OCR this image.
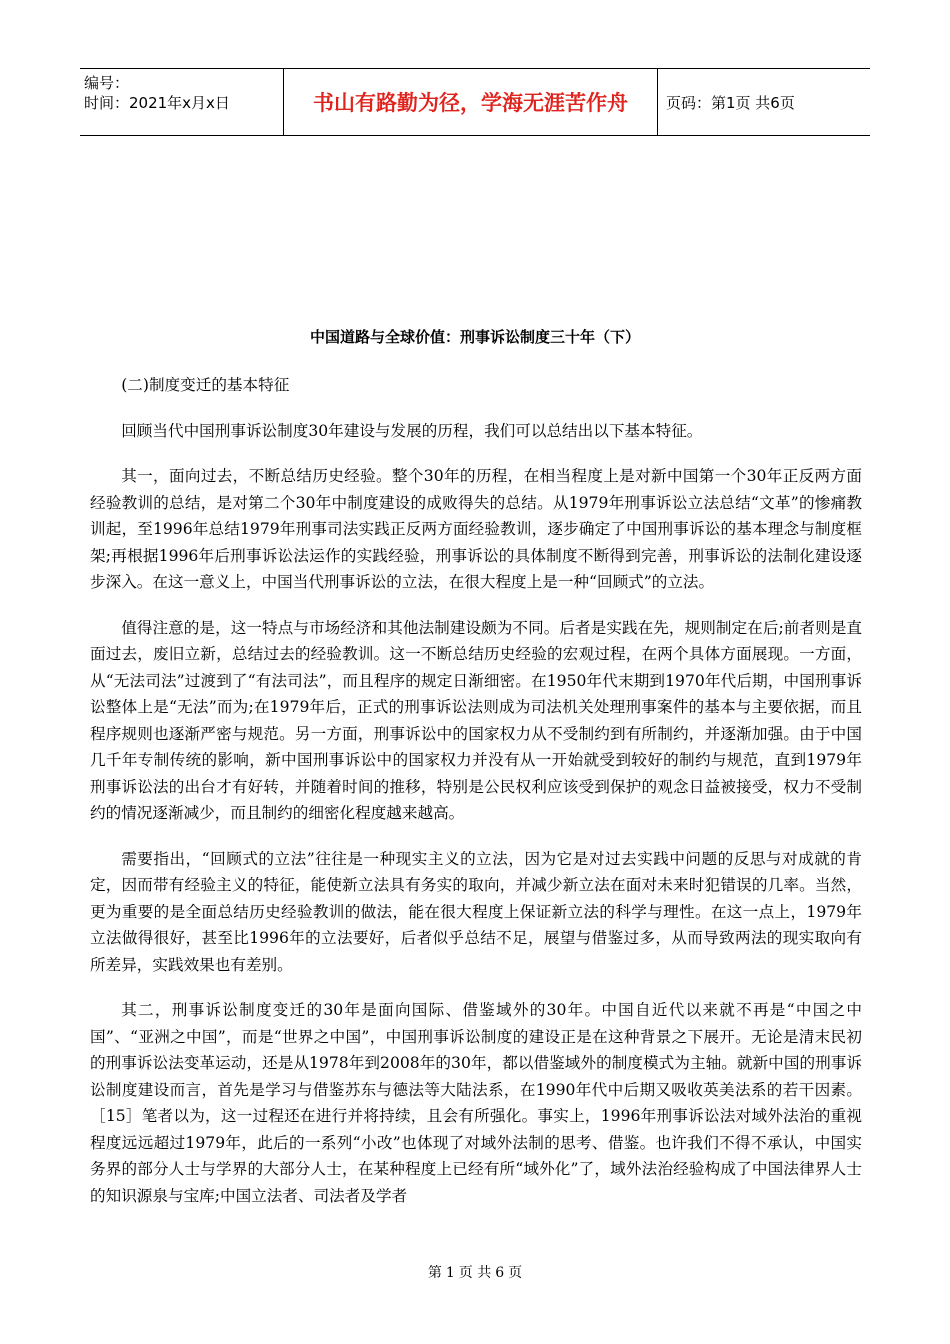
编号：
时间：2021年x月x日	书山有路勤为径，学海无涯苦作舟	页码：第1页 共6页
中国道路与全球价值：刑事诉讼制度三十年（下）

(二)制度变迁的基本特征

回顾当代中国刑事诉讼制度30年建设与发展的历程，我们可以总结出以下基本特征。

其一，面向过去，不断总结历史经验。整个30年的历程，在相当程度上是对新中国第一个30年正反两方面经验教训的总结，是对第二个30年中制度建设的成败得失的总结。从1979年刑事诉讼立法总结“文革”的惨痛教训起，至1996年总结1979年刑事司法实践正反两方面经验教训，逐步确定了中国刑事诉讼的基本理念与制度框架;再根据1996年后刑事诉讼法运作的实践经验，刑事诉讼的具体制度不断得到完善，刑事诉讼的法制化建设逐步深入。在这一意义上，中国当代刑事诉讼的立法，在很大程度上是一种“回顾式”的立法。

值得注意的是，这一特点与市场经济和其他法制建设颇为不同。后者是实践在先，规则制定在后;前者则是直面过去，废旧立新，总结过去的经验教训。这一不断总结历史经验的宏观过程，在两个具体方面展现。一方面，从“无法司法”过渡到了“有法司法”，而且程序的规定日渐细密。在1950年代末期到1970年代后期，中国刑事诉讼整体上是“无法”而为;在1979年后，正式的刑事诉讼法则成为司法机关处理刑事案件的基本与主要依据，而且程序规则也逐渐严密与规范。另一方面，刑事诉讼中的国家权力从不受制约到有所制约，并逐渐加强。由于中国几千年专制传统的影响，新中国刑事诉讼中的国家权力并没有从一开始就受到较好的制约与规范，直到1979年刑事诉讼法的出台才有好转，并随着时间的推移，特别是公民权利应该受到保护的观念日益被接受，权力不受制约的情况逐渐减少，而且制约的细密化程度越来越高。

需要指出，“回顾式的立法”往往是一种现实主义的立法，因为它是对过去实践中问题的反思与对成就的肯定，因而带有经验主义的特征，能使新立法具有务实的取向，并减少新立法在面对未来时犯错误的几率。当然，更为重要的是全面总结历史经验教训的做法，能在很大程度上保证新立法的科学与理性。在这一点上，1979年立法做得很好，甚至比1996年的立法要好，后者似乎总结不足，展望与借鉴过多，从而导致两法的现实取向有所差异，实践效果也有差别。

其二，刑事诉讼制度变迁的30年是面向国际、借鉴域外的30年。中国自近代以来就不再是“中国之中国”、“亚洲之中国”，而是“世界之中国”，中国刑事诉讼制度的建设正是在这种背景之下展开。无论是清末民初的刑事诉讼法变革运动，还是从1978年到2008年的30年，都以借鉴域外的制度模式为主轴。就新中国的刑事诉讼制度建设而言，首先是学习与借鉴苏东与德法等大陆法系，在1990年代中后期又吸收英美法系的若干因素。［15］笔者以为，这一过程还在进行并将持续，且会有所强化。事实上，1996年刑事诉讼法对域外法治的重视程度远远超过1979年，此后的一系列“小改”也体现了对域外法制的思考、借鉴。也许我们不得不承认，中国实务界的部分人士与学界的大部分人士，在某种程度上已经有所“域外化”了，域外法治经验构成了中国法律界人士的知识源泉与宝库;中国立法者、司法者及学者

第 1 页 共 6 页
